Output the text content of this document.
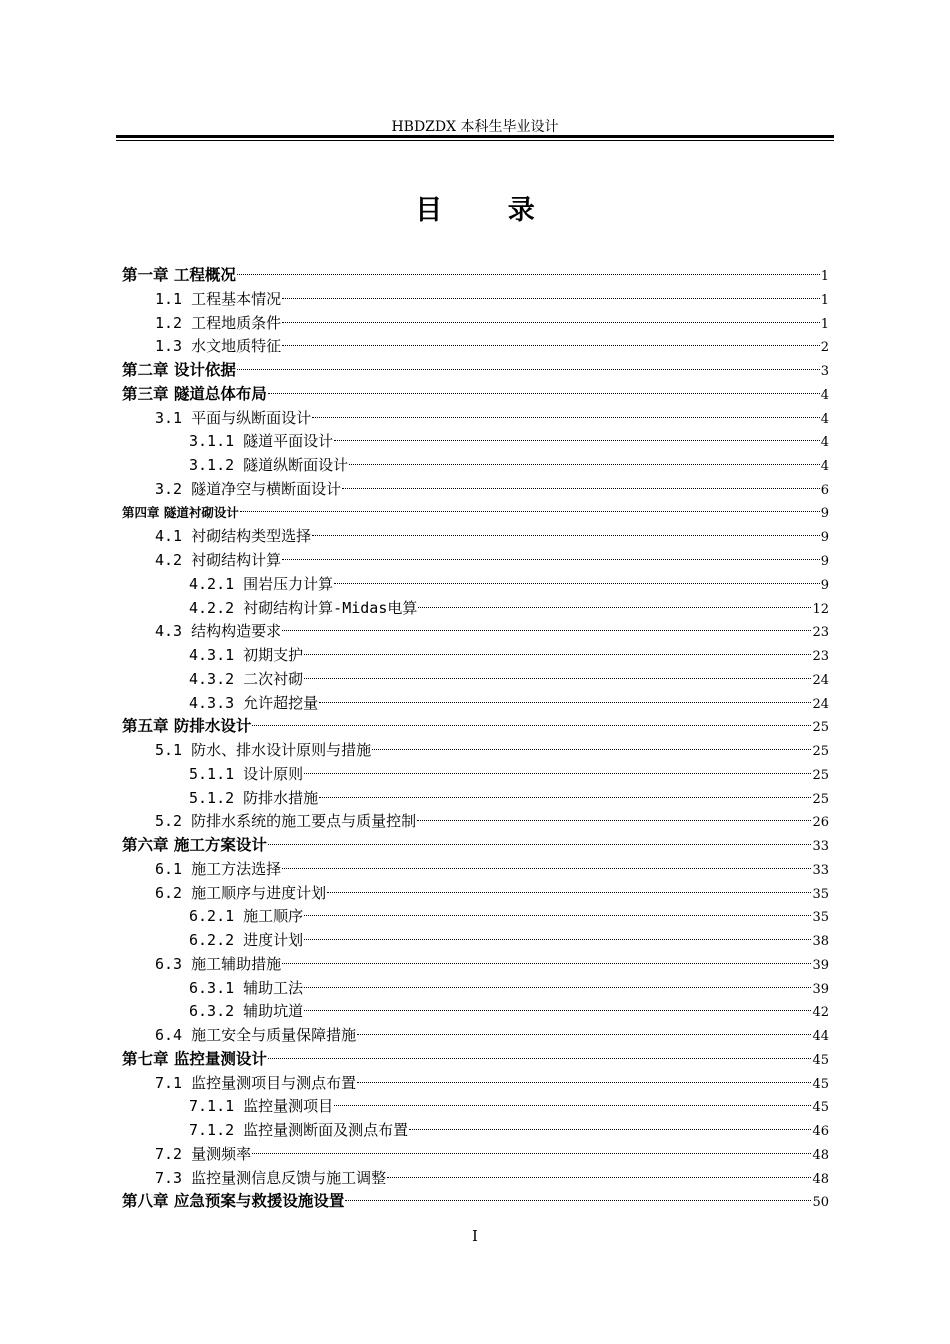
HBDZDX 本科生毕业设计
目 录
第一章 工程概况	1
1.1 工程基本情况	1
1.2 工程地质条件	1
1.3 水文地质特征	2
第二章 设计依据	3
第三章 隧道总体布局	4
3.1 平面与纵断面设计	4
3.1.1 隧道平面设计	4
3.1.2 隧道纵断面设计	4
3.2 隧道净空与横断面设计	6
第四章 隧道衬砌设计	9
4.1 衬砌结构类型选择	9
4.2 衬砌结构计算	9
4.2.1 围岩压力计算	9
4.2.2 衬砌结构计算-Midas电算	12
4.3 结构构造要求	23
4.3.1 初期支护	23
4.3.2 二次衬砌	24
4.3.3 允许超挖量	24
第五章 防排水设计	25
5.1 防水、排水设计原则与措施	25
5.1.1 设计原则	25
5.1.2 防排水措施	25
5.2 防排水系统的施工要点与质量控制	26
第六章 施工方案设计	33
6.1 施工方法选择	33
6.2 施工顺序与进度计划	35
6.2.1 施工顺序	35
6.2.2 进度计划	38
6.3 施工辅助措施	39
6.3.1 辅助工法	39
6.3.2 辅助坑道	42
6.4 施工安全与质量保障措施	44
第七章 监控量测设计	45
7.1 监控量测项目与测点布置	45
7.1.1 监控量测项目	45
7.1.2 监控量测断面及测点布置	46
7.2 量测频率	48
7.3 监控量测信息反馈与施工调整	48
第八章 应急预案与救援设施设置	50
I
